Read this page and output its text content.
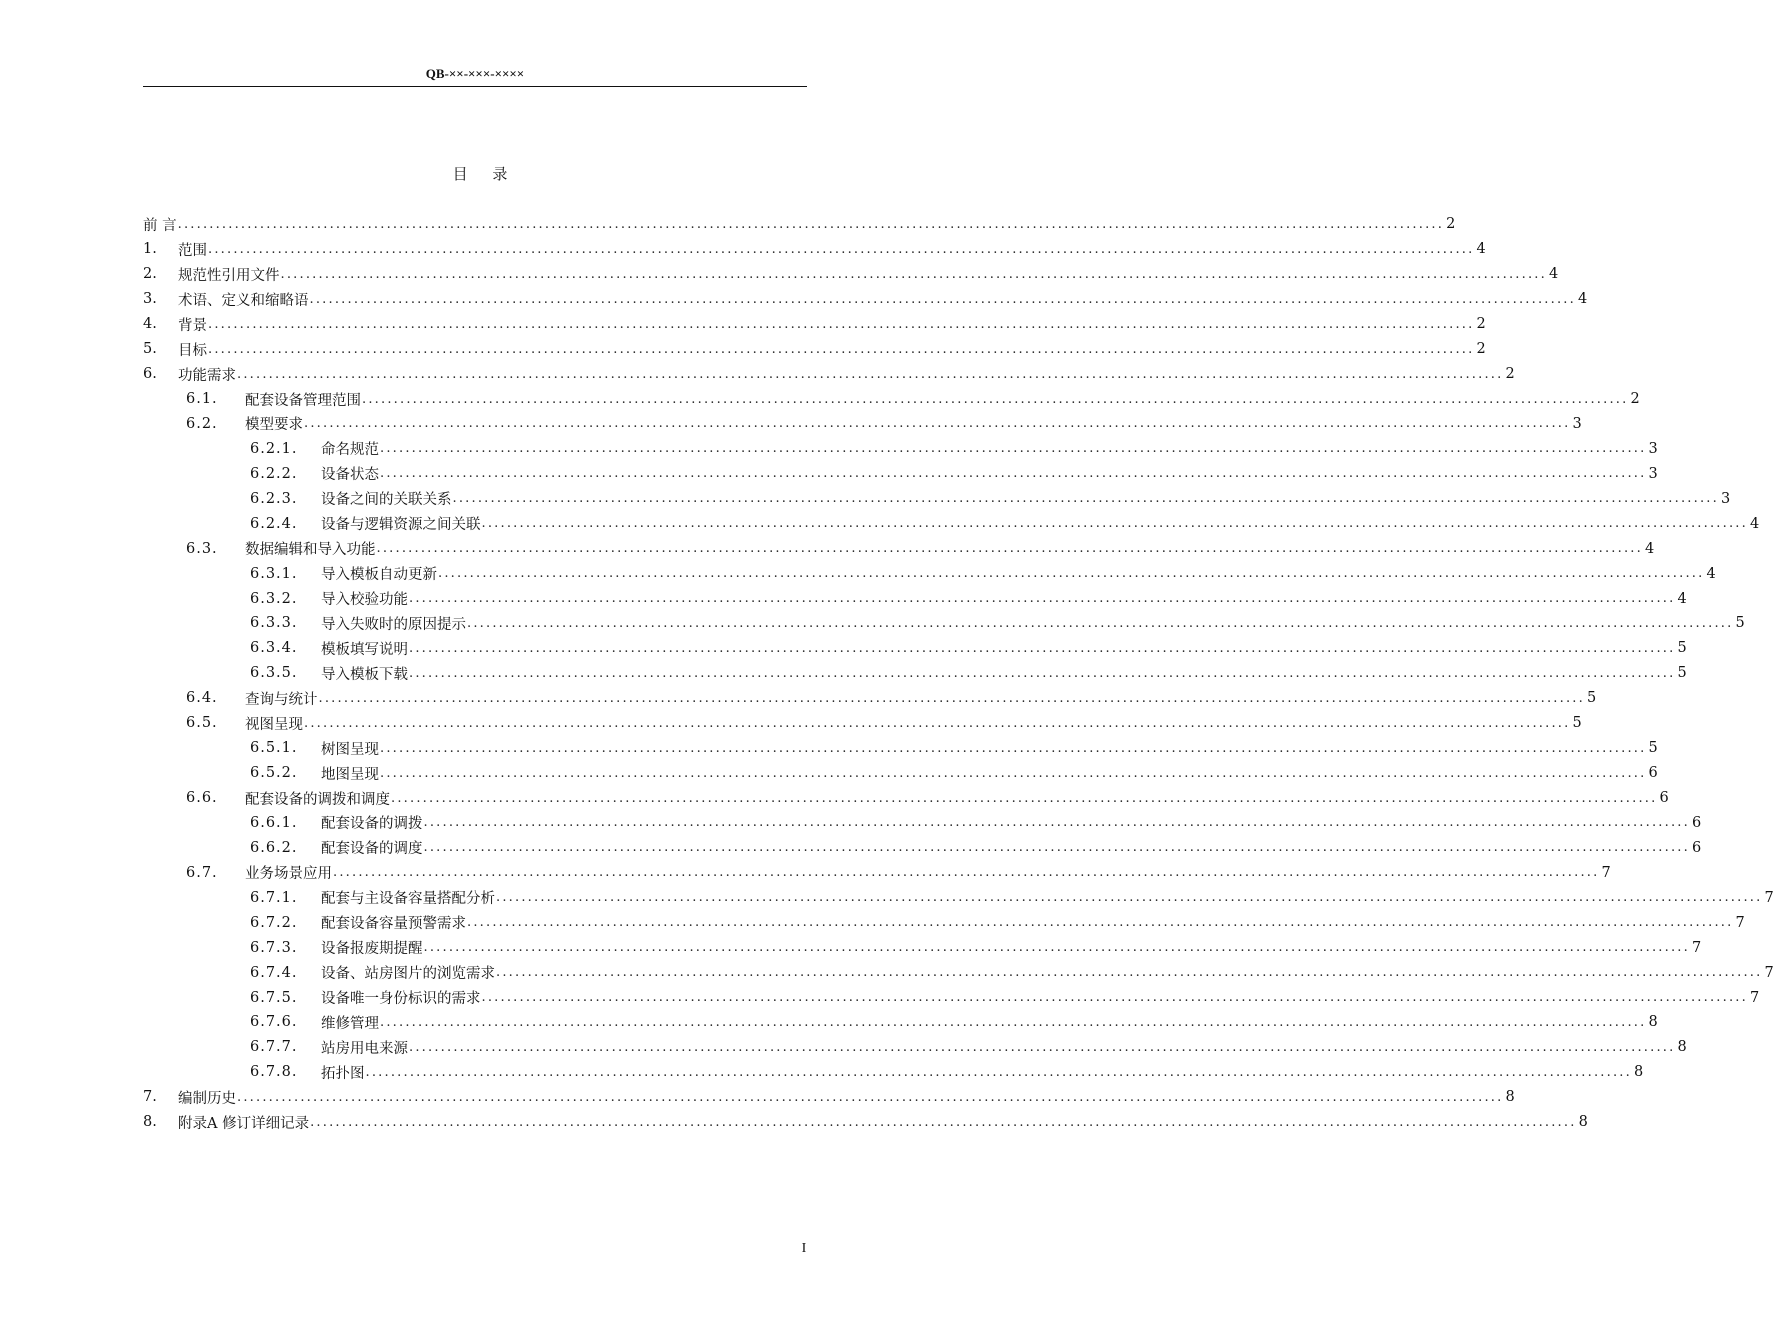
QB-××-×××-××××
目 录
前 言 ........................................................................................................................................................................................................ 2
1.	范围 ........................................................................................................................................................................................................ 4
2.	规范性引用文件 ........................................................................................................................................................................................................ 4
3.	术语、定义和缩略语 ........................................................................................................................................................................................................ 4
4.	背景 ........................................................................................................................................................................................................ 2
5.	目标 ........................................................................................................................................................................................................ 2
6.	功能需求 ........................................................................................................................................................................................................ 2
6.1.	配套设备管理范围 ........................................................................................................................................................................................................ 2
6.2.	模型要求 ........................................................................................................................................................................................................ 3
6.2.1.	命名规范 ........................................................................................................................................................................................................ 3
6.2.2.	设备状态 ........................................................................................................................................................................................................ 3
6.2.3.	设备之间的关联关系 ........................................................................................................................................................................................................ 3
6.2.4.	设备与逻辑资源之间关联 ........................................................................................................................................................................................................ 4
6.3.	数据编辑和导入功能 ........................................................................................................................................................................................................ 4
6.3.1.	导入模板自动更新 ........................................................................................................................................................................................................ 4
6.3.2.	导入校验功能 ........................................................................................................................................................................................................ 4
6.3.3.	导入失败时的原因提示 ........................................................................................................................................................................................................ 5
6.3.4.	模板填写说明 ........................................................................................................................................................................................................ 5
6.3.5.	导入模板下载 ........................................................................................................................................................................................................ 5
6.4.	查询与统计 ........................................................................................................................................................................................................ 5
6.5.	视图呈现 ........................................................................................................................................................................................................ 5
6.5.1.	树图呈现 ........................................................................................................................................................................................................ 5
6.5.2.	地图呈现 ........................................................................................................................................................................................................ 6
6.6.	配套设备的调拨和调度 ........................................................................................................................................................................................................ 6
6.6.1.	配套设备的调拨 ........................................................................................................................................................................................................ 6
6.6.2.	配套设备的调度 ........................................................................................................................................................................................................ 6
6.7.	业务场景应用 ........................................................................................................................................................................................................ 7
6.7.1.	配套与主设备容量搭配分析 ........................................................................................................................................................................................................ 7
6.7.2.	配套设备容量预警需求 ........................................................................................................................................................................................................ 7
6.7.3.	设备报废期提醒 ........................................................................................................................................................................................................ 7
6.7.4.	设备、站房图片的浏览需求 ........................................................................................................................................................................................................ 7
6.7.5.	设备唯一身份标识的需求 ........................................................................................................................................................................................................ 7
6.7.6.	维修管理 ........................................................................................................................................................................................................ 8
6.7.7.	站房用电来源 ........................................................................................................................................................................................................ 8
6.7.8.	拓扑图 ........................................................................................................................................................................................................ 8
7.	编制历史 ........................................................................................................................................................................................................ 8
8.	附录A 修订详细记录 ........................................................................................................................................................................................................ 8
I
